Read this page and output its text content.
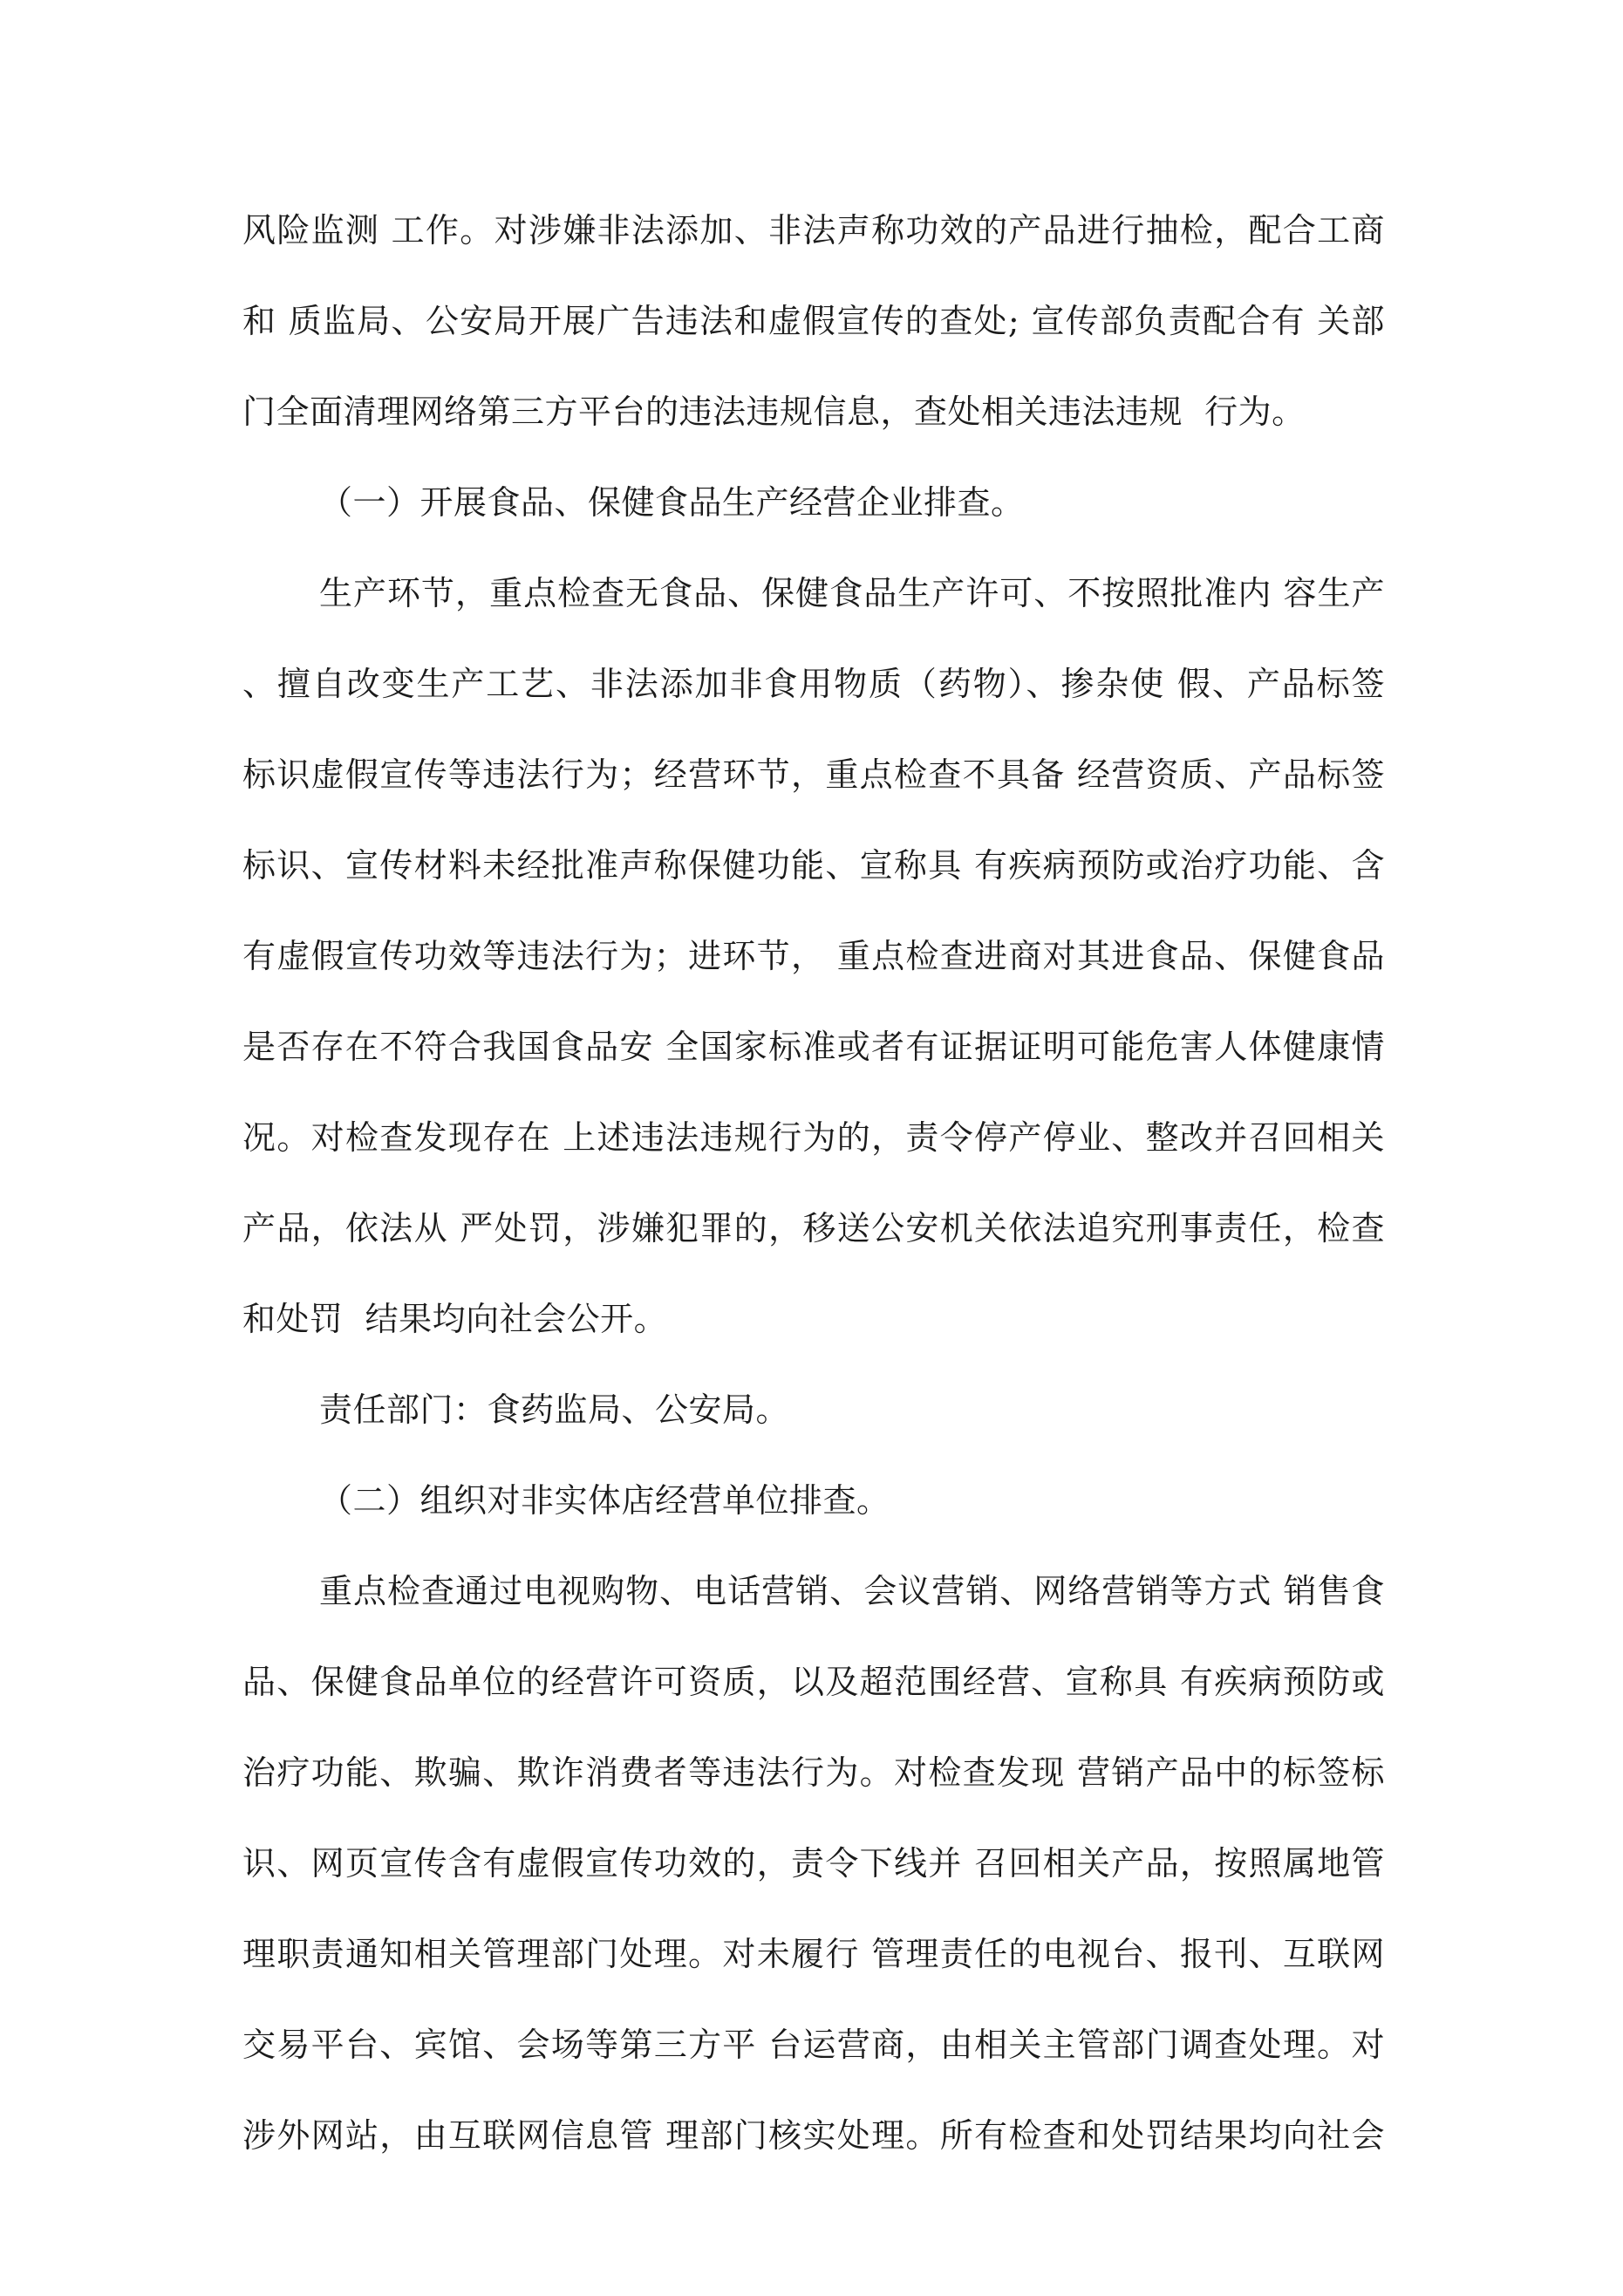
风险监测 工作。对涉嫌非法添加、非法声称功效的产品进行抽检，配合工商
和 质监局、公安局开展广告违法和虚假宣传的查处; 宣传部负责配合有 关部
门全面清理网络第三方平台的违法违规信息，查处相关违法违规  行为。
（一）开展食品、保健食品生产经营企业排查。
生产环节，重点检查无食品、保健食品生产许可、不按照批准内 容生产
、擅自改变生产工艺、非法添加非食用物质（药物）、掺杂使 假、产品标签
标识虚假宣传等违法行为；经营环节，重点检查不具备 经营资质、产品标签
标识、宣传材料未经批准声称保健功能、宣称具 有疾病预防或治疗功能、含
有虚假宣传功效等违法行为；进环节， 重点检查进商对其进食品、保健食品
是否存在不符合我国食品安 全国家标准或者有证据证明可能危害人体健康情
况。对检查发现存在 上述违法违规行为的，责令停产停业、整改并召回相关
产品，依法从 严处罚，涉嫌犯罪的，移送公安机关依法追究刑事责任，检查
和处罚  结果均向社会公开。
责任部门：食药监局、公安局。
（二）组织对非实体店经营单位排查。
重点检查通过电视购物、电话营销、会议营销、网络营销等方式 销售食
品、保健食品单位的经营许可资质，以及超范围经营、宣称具 有疾病预防或
治疗功能、欺骗、欺诈消费者等违法行为。对检查发现 营销产品中的标签标
识、网页宣传含有虚假宣传功效的，责令下线并 召回相关产品，按照属地管
理职责通知相关管理部门处理。对未履行 管理责任的电视台、报刊、互联网
交易平台、宾馆、会场等第三方平 台运营商，由相关主管部门调查处理。对
涉外网站，由互联网信息管 理部门核实处理。所有检查和处罚结果均向社会
